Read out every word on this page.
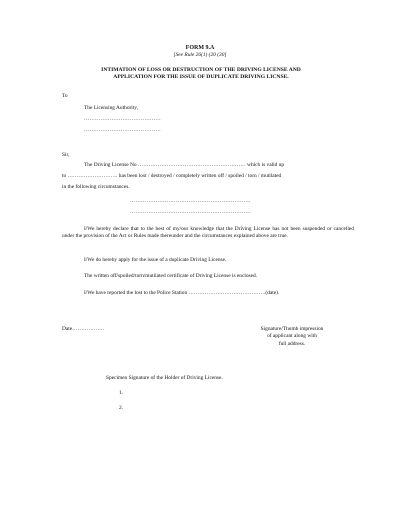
FORM 9.A
[See Rule 26(1) (20 (30]
INTIMATION OF LOSS OR DESTRUCTION OF THE DRIVING LICENSE AND
APPLICATION FOR THE ISSUE OF DUPLICATE DRIVING LICNSE.
To
The Licensing Authority,
……………………………………
……………………………………
Sir,
The Driving License No …………………………………………………… which is valid up
to ………………………. has been lost / destroyed / completely written off / spoiled / torn / mutilated
in the following circumstances.
…………………………………………………………
…………………………………………………………

I/We hereby declare that to the best of my/our knowledge that the Driving License has not been suspended or cancelled under the provision of the Act or Rules made thereunder and the circumstances explained above are true.

I/We do hereby apply for the issue of a duplicate Driving License.
The written off/spoiled/torn/mutilated certificate of Driving License is enclosed.
I/We have reported the lost to the Police Station …………………………………….(date).
Date………………	Signature/Thumb impression
of applicant along with
full address.
Specimen Signature of the Holder of Driving License.
1.
2.
